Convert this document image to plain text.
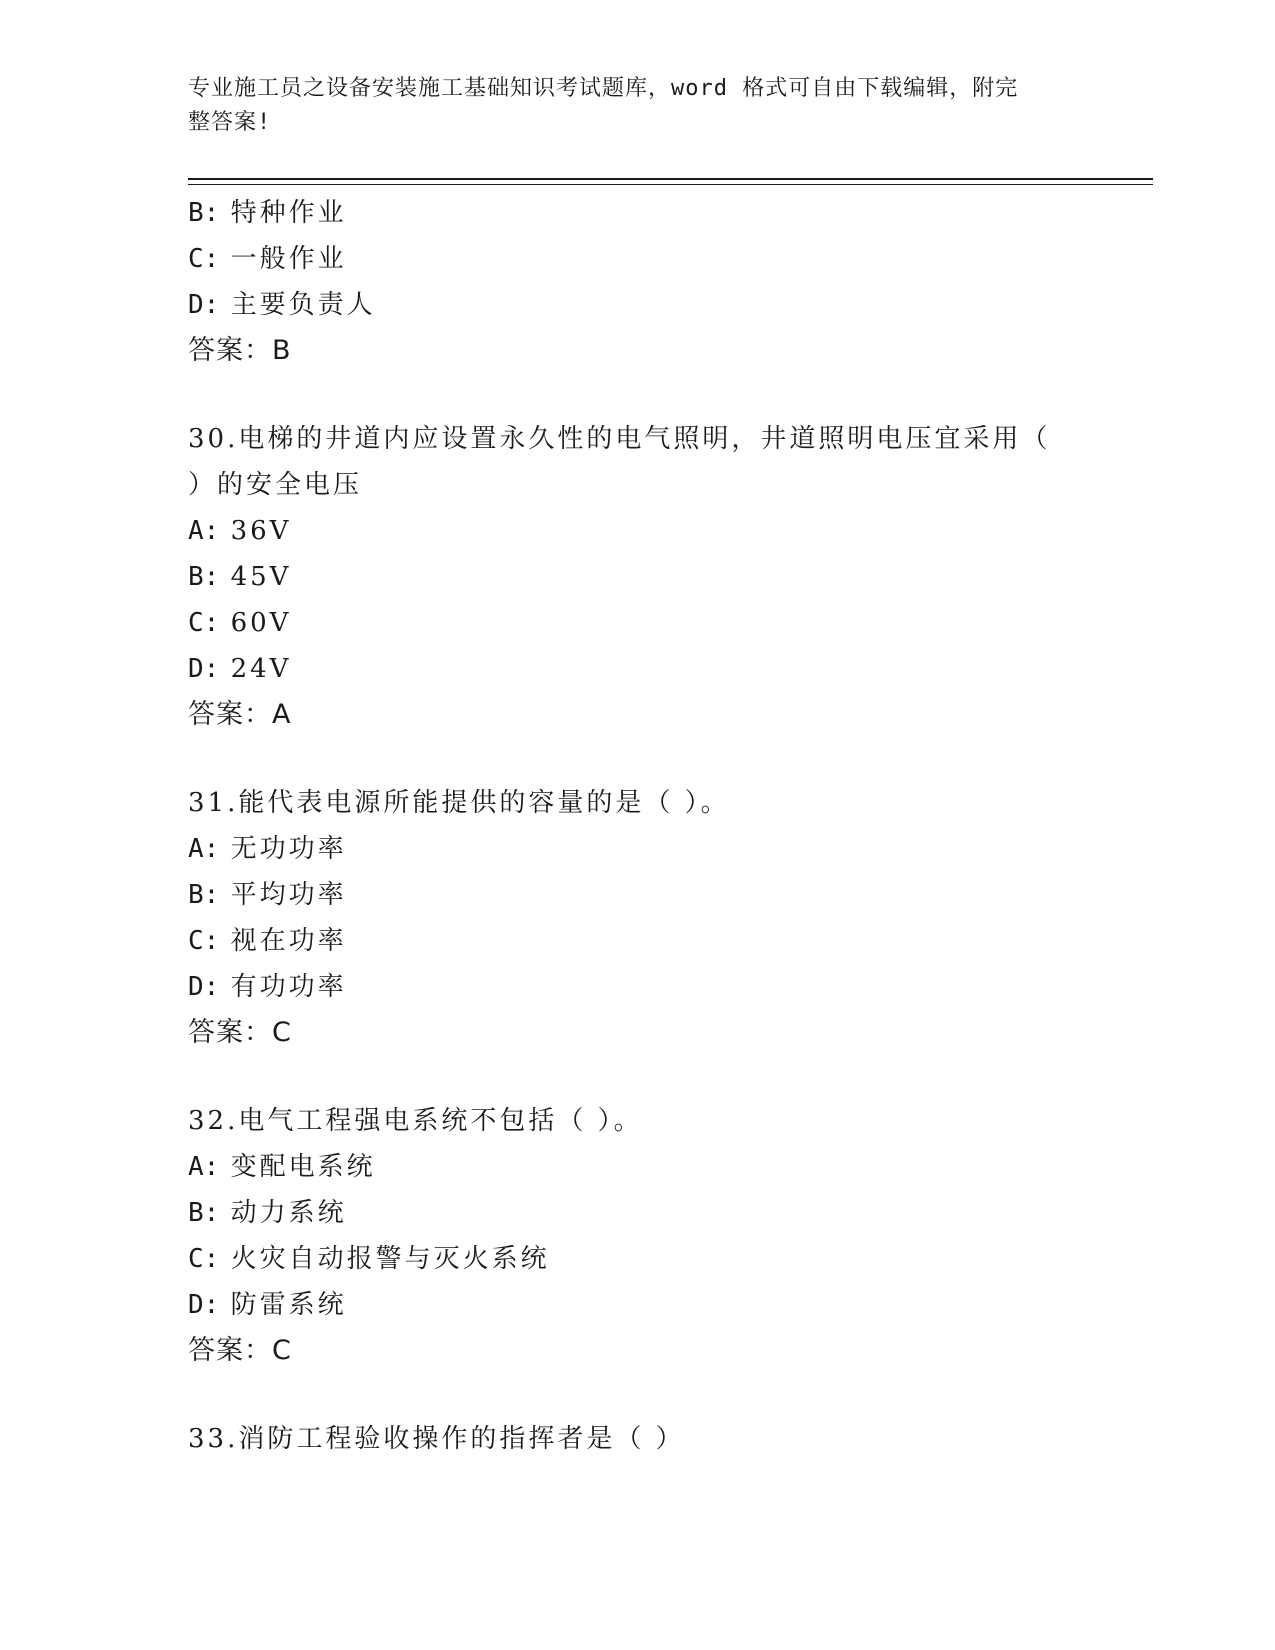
专业施工员之设备安装施工基础知识考试题库，word 格式可自由下载编辑，附完
整答案!
B: 特种作业
C: 一般作业
D: 主要负责人
答案：B
30.电梯的井道内应设置永久性的电气照明，井道照明电压宜采用（
）的安全电压
A: 36V
B: 45V
C: 60V
D: 24V
答案：A
31.能代表电源所能提供的容量的是（ ）。
A: 无功功率
B: 平均功率
C: 视在功率
D: 有功功率
答案：C
32.电气工程强电系统不包括（ ）。
A: 变配电系统
B: 动力系统
C: 火灾自动报警与灭火系统
D: 防雷系统
答案：C
33.消防工程验收操作的指挥者是（ ）
